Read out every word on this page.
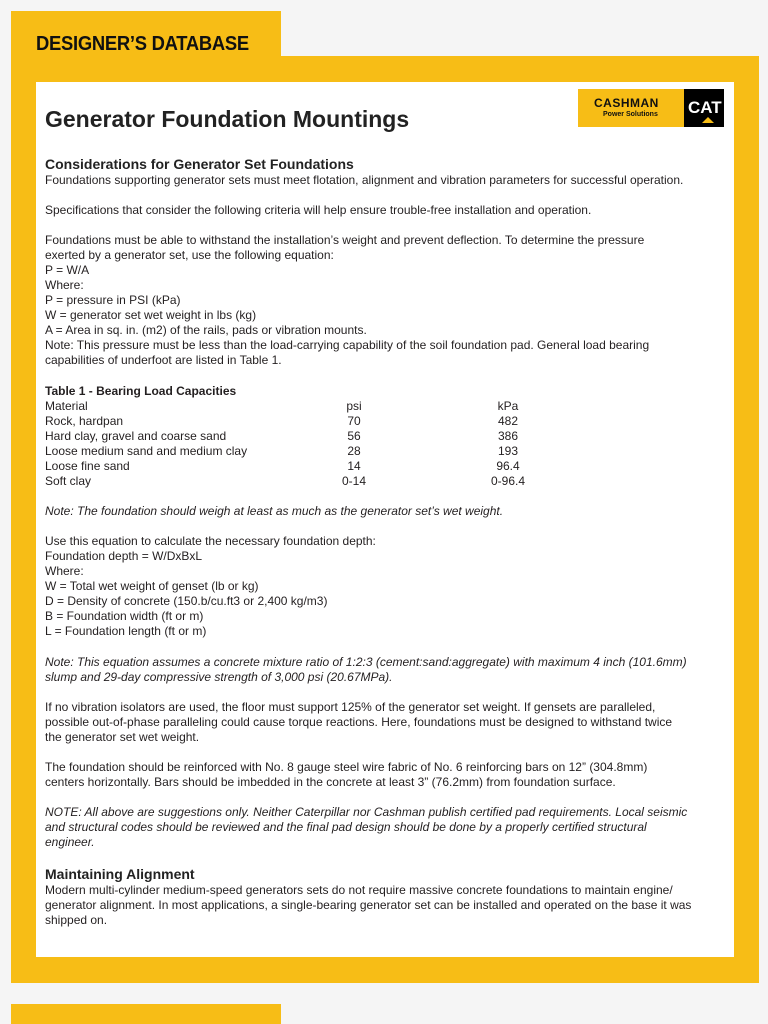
DESIGNER’S DATABASE
CASHMAN
Power Solutions CAT
Generator Foundation Mountings
Considerations for Generator Set Foundations
Foundations supporting generator sets must meet flotation, alignment and vibration parameters for successful operation.
Specifications that consider the following criteria will help ensure trouble-free installation and operation.
Foundations must be able to withstand the installation’s weight and prevent deflection. To determine the pressure
exerted by a generator set, use the following equation:
P = W/A
Where:
P = pressure in PSI (kPa)
W = generator set wet weight in lbs (kg)
A = Area in sq. in. (m2) of the rails, pads or vibration mounts.
Note: This pressure must be less than the load-carrying capability of the soil foundation pad. General load bearing
capabilities of underfoot are listed in Table 1.
Table 1 - Bearing Load Capacities
Material	psi	kPa
Rock, hardpan	70	482
Hard clay, gravel and coarse sand	56	386
Loose medium sand and medium clay	28	193
Loose fine sand	14	96.4
Soft clay	0-14	0-96.4
Note: The foundation should weigh at least as much as the generator set’s wet weight.
Use this equation to calculate the necessary foundation depth:
Foundation depth = W/DxBxL
Where:
W = Total wet weight of genset (lb or kg)
D = Density of concrete (150.b/cu.ft3 or 2,400 kg/m3)
B = Foundation width (ft or m)
L = Foundation length (ft or m)
Note: This equation assumes a concrete mixture ratio of 1:2:3 (cement:sand:aggregate) with maximum 4 inch (101.6mm)
slump and 29-day compressive strength of 3,000 psi (20.67MPa).
If no vibration isolators are used, the floor must support 125% of the generator set weight. If gensets are paralleled,
possible out-of-phase paralleling could cause torque reactions. Here, foundations must be designed to withstand twice
the generator set wet weight.
The foundation should be reinforced with No. 8 gauge steel wire fabric of No. 6 reinforcing bars on 12” (304.8mm)
centers horizontally. Bars should be imbedded in the concrete at least 3” (76.2mm) from foundation surface.
NOTE: All above are suggestions only. Neither Caterpillar nor Cashman publish certified pad requirements. Local seismic
and structural codes should be reviewed and the final pad design should be done by a properly certified structural
engineer.
Maintaining Alignment
Modern multi-cylinder medium-speed generators sets do not require massive concrete foundations to maintain engine/
generator alignment. In most applications, a single-bearing generator set can be installed and operated on the base it was
shipped on.
